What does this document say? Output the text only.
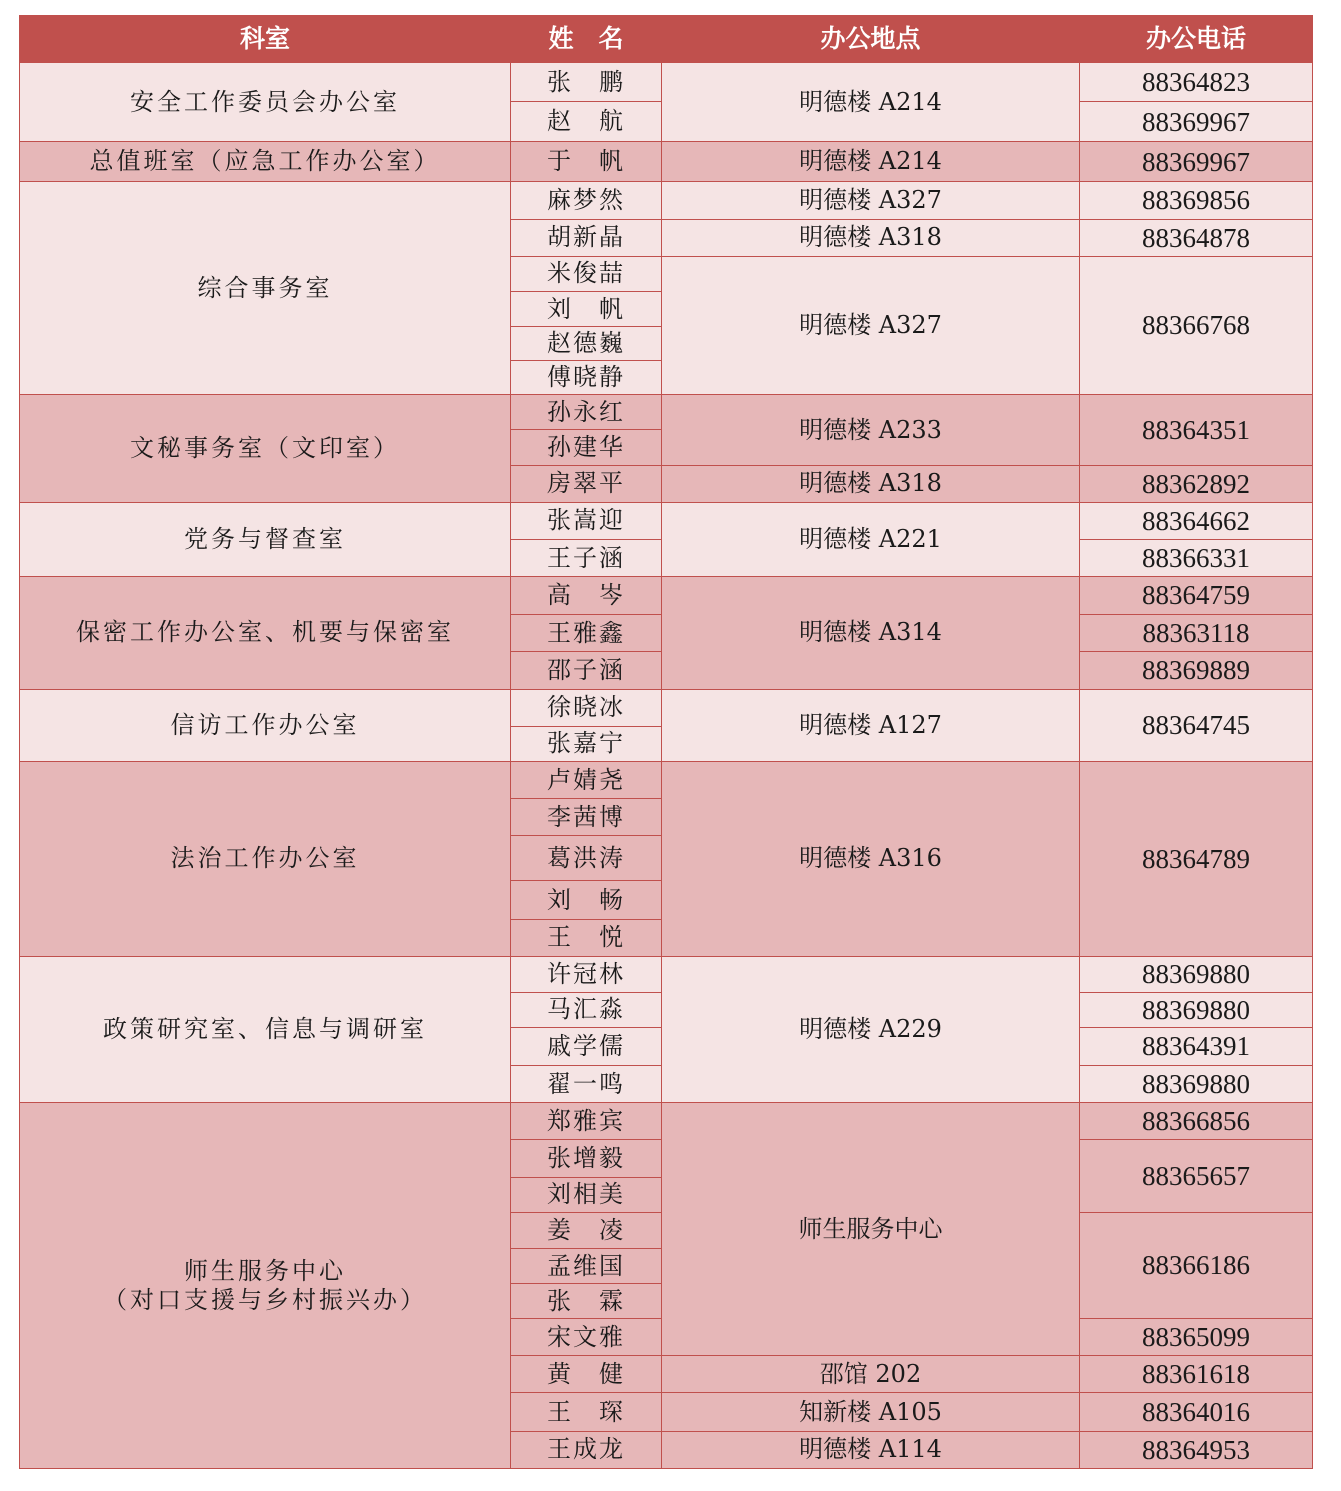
科室	姓　名	办公地点	办公电话
安全工作委员会办公室	张　鹏	明德楼 A214	88364823
	赵　航		88369967
总值班室（应急工作办公室）	于　帆	明德楼 A214	88369967
综合事务室	麻梦然	明德楼 A327	88369856
	胡新晶	明德楼 A318	88364878
	米俊喆	明德楼 A327	88366768
	刘　帆		
	赵德巍		
	傅晓静		
文秘事务室（文印室）	孙永红	明德楼 A233	88364351
	孙建华		
	房翠平	明德楼 A318	88362892
党务与督查室	张嵩迎	明德楼 A221	88364662
	王子涵		88366331
保密工作办公室、机要与保密室	高　岑	明德楼 A314	88364759
	王雅鑫		88363118
	邵子涵		88369889
信访工作办公室	徐晓冰	明德楼 A127	88364745
	张嘉宁		
法治工作办公室	卢婧尧	明德楼 A316	88364789
	李茜博		
	葛洪涛		
	刘　畅		
	王　悦		
政策研究室、信息与调研室	许冠林	明德楼 A229	88369880
	马汇淼		88369880
	戚学儒		88364391
	翟一鸣		88369880
师生服务中心
（对口支援与乡村振兴办）	郑雅宾	师生服务中心	88366856
	张增毅		88365657
	刘相美		
	姜　凌		88366186
	孟维国		
	张　霖		
	宋文雅		88365099
	黄　健	邵馆 202	88361618
	王　琛	知新楼 A105	88364016
	王成龙	明德楼 A114	88364953
